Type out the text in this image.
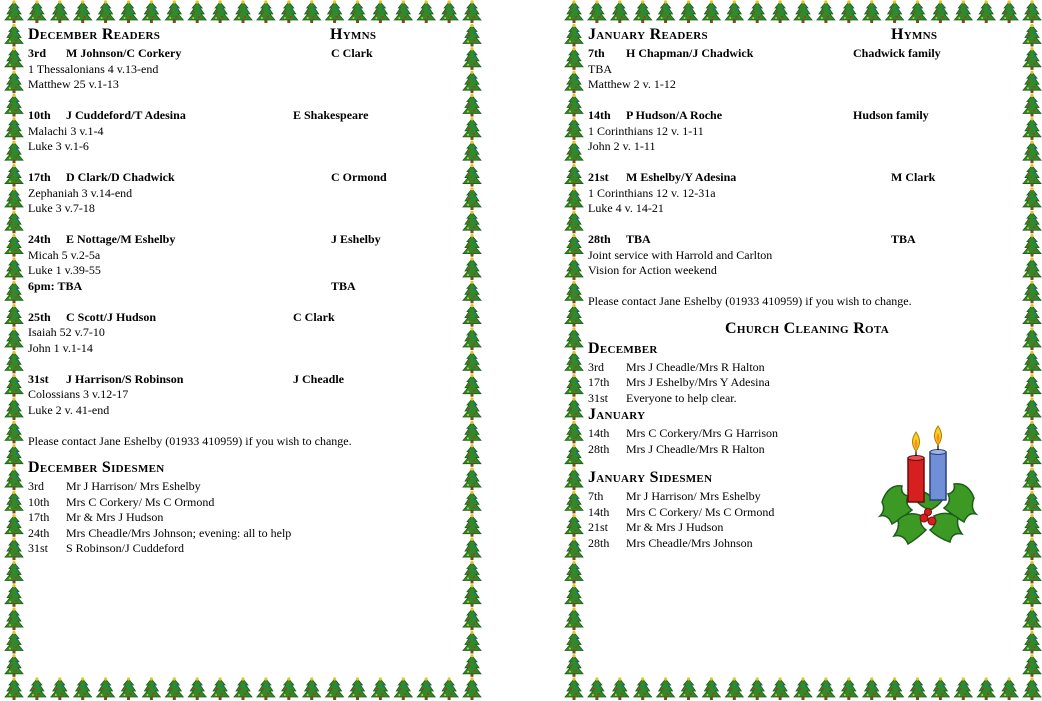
December Readers	Hymns
3rd M Johnson/C Corkery	C Clark
1 Thessalonians 4 v.13-end
Matthew 25 v.1-13
10th J Cuddeford/T Adesina	E Shakespeare
Malachi 3 v.1-4
Luke 3 v.1-6
17th D Clark/D Chadwick	C Ormond
Zephaniah 3 v.14-end
Luke 3 v.7-18
24th E Nottage/M Eshelby	J Eshelby
Micah 5 v.2-5a
Luke 1 v.39-55
6pm: TBA	TBA
25th C Scott/J Hudson	C Clark
Isaiah 52 v.7-10
John 1 v.1-14
31st J Harrison/S Robinson	J Cheadle
Colossians 3 v.12-17
Luke 2 v. 41-end
Please contact Jane Eshelby (01933 410959) if you wish to change.
December Sidesmen
3rd Mr J Harrison/ Mrs Eshelby
10th Mrs C Corkery/ Ms C Ormond
17th Mr & Mrs J Hudson
24th Mrs Cheadle/Mrs Johnson; evening: all to help
31st S Robinson/J Cuddeford
January Readers	Hymns
7th H Chapman/J Chadwick	Chadwick family
TBA
Matthew 2 v. 1-12
14th P Hudson/A Roche	Hudson family
1 Corinthians 12 v. 1-11
John 2 v. 1-11
21st M Eshelby/Y Adesina	M Clark
1 Corinthians 12 v. 12-31a
Luke 4 v. 14-21
28th TBA	TBA
Joint service with Harrold and Carlton
Vision for Action weekend
Please contact Jane Eshelby (01933 410959) if you wish to change.
Church Cleaning Rota
December
3rd Mrs J Cheadle/Mrs R Halton
17th Mrs J Eshelby/Mrs Y Adesina
31st Everyone to help clear.
January
14th Mrs C Corkery/Mrs G Harrison
28th Mrs J Cheadle/Mrs R Halton
January Sidesmen
7th Mr J Harrison/ Mrs Eshelby
14th Mrs C Corkery/ Ms C Ormond
21st Mr & Mrs J Hudson
28th Mrs Cheadle/Mrs Johnson
